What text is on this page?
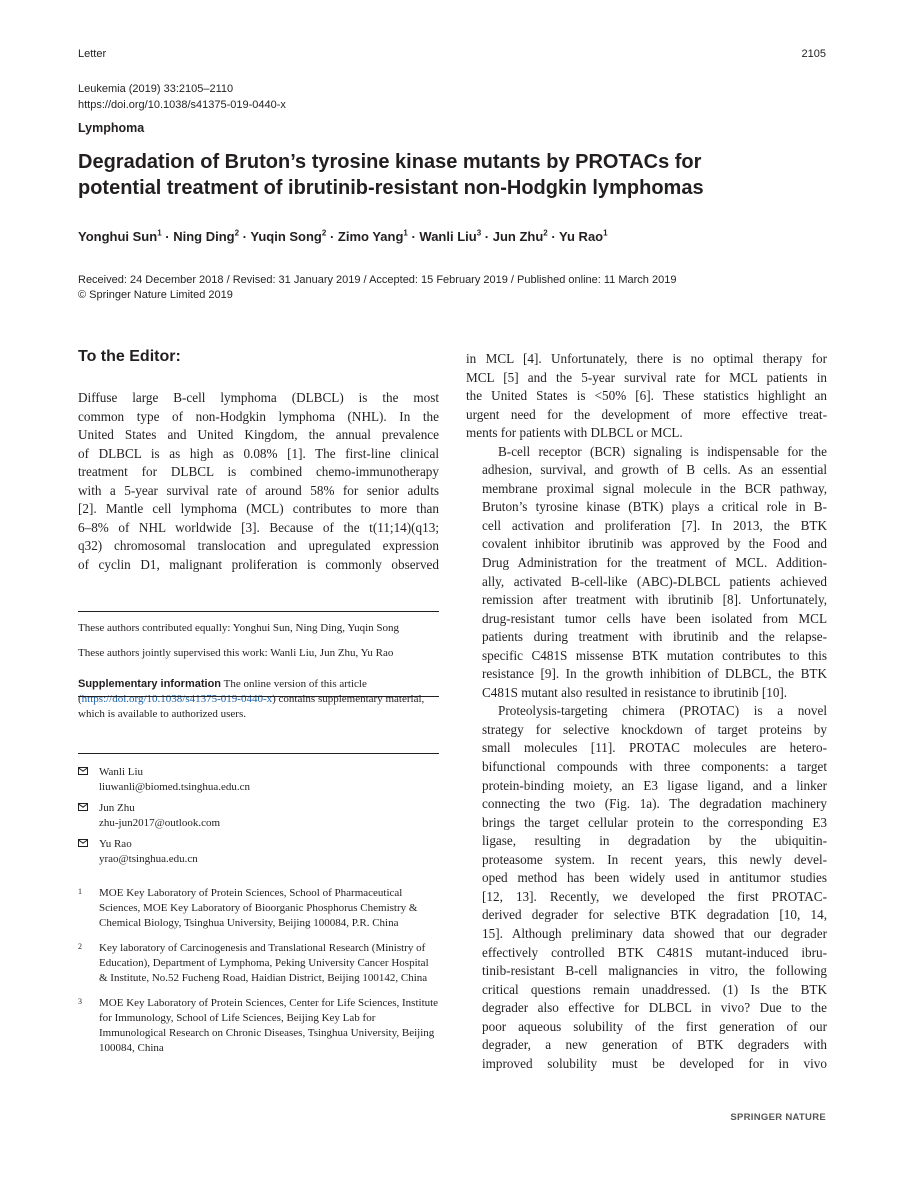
Letter	2105
Leukemia (2019) 33:2105–2110
https://doi.org/10.1038/s41375-019-0440-x
Lymphoma
Degradation of Bruton’s tyrosine kinase mutants by PROTACs for
potential treatment of ibrutinib-resistant non-Hodgkin lymphomas
Yonghui Sun$^1$ · Ning Ding$^2$ · Yuqin Song$^2$ · Zimo Yang$^1$ · Wanli Liu$^3$ · Jun Zhu$^2$ · Yu Rao$^1$
Received: 24 December 2018 / Revised: 31 January 2019 / Accepted: 15 February 2019 / Published online: 11 March 2019
© Springer Nature Limited 2019
To the Editor:

Diffuse large B-cell lymphoma (DLBCL) is the most
common type of non-Hodgkin lymphoma (NHL). In the
United States and United Kingdom, the annual prevalence
of DLBCL is as high as 0.08% [1]. The first-line clinical
treatment for DLBCL is combined chemo-immunotherapy
with a 5-year survival rate of around 58% for senior adults
[2]. Mantle cell lymphoma (MCL) contributes to more than
6–8% of NHL worldwide [3]. Because of the t(11;14)(q13;
q32) chromosomal translocation and upregulated expression
of cyclin D1, malignant proliferation is commonly observed

These authors contributed equally: Yonghui Sun, Ning Ding, Yuqin Song
These authors jointly supervised this work: Wanli Liu, Jun Zhu, Yu Rao
Supplementary information The online version of this article (https://doi.org/10.1038/s41375-019-0440-x) contains supplementary material, which is available to authorized users.
Wanli Liu
liuwanli@biomed.tsinghua.edu.cn
Jun Zhu
zhu-jun2017@outlook.com
Yu Rao
yrao@tsinghua.edu.cn
1 MOE Key Laboratory of Protein Sciences, School of Pharmaceutical Sciences, MOE Key Laboratory of Bioorganic Phosphorus Chemistry & Chemical Biology, Tsinghua University, Beijing 100084, P.R. China
2 Key laboratory of Carcinogenesis and Translational Research (Ministry of Education), Department of Lymphoma, Peking University Cancer Hospital & Institute, No.52 Fucheng Road, Haidian District, Beijing 100142, China
3 MOE Key Laboratory of Protein Sciences, Center for Life Sciences, Institute for Immunology, School of Life Sciences, Beijing Key Lab for Immunological Research on Chronic Diseases, Tsinghua University, Beijing 100084, China

in MCL [4]. Unfortunately, there is no optimal therapy for
MCL [5] and the 5-year survival rate for MCL patients in
the United States is <50% [6]. These statistics highlight an
urgent need for the development of more effective treat-
ments for patients with DLBCL or MCL.

B-cell receptor (BCR) signaling is indispensable for the
adhesion, survival, and growth of B cells. As an essential
membrane proximal signal molecule in the BCR pathway,
Bruton’s tyrosine kinase (BTK) plays a critical role in B-
cell activation and proliferation [7]. In 2013, the BTK
covalent inhibitor ibrutinib was approved by the Food and
Drug Administration for the treatment of MCL. Addition-
ally, activated B-cell-like (ABC)-DLBCL patients achieved
remission after treatment with ibrutinib [8]. Unfortunately,
drug-resistant tumor cells have been isolated from MCL
patients during treatment with ibrutinib and the relapse-
specific C481S missense BTK mutation contributes to this
resistance [9]. In the growth inhibition of DLBCL, the BTK
C481S mutant also resulted in resistance to ibrutinib [10].

Proteolysis-targeting chimera (PROTAC) is a novel
strategy for selective knockdown of target proteins by
small molecules [11]. PROTAC molecules are hetero-
bifunctional compounds with three components: a target
protein-binding moiety, an E3 ligase ligand, and a linker
connecting the two (Fig. 1a). The degradation machinery
brings the target cellular protein to the corresponding E3
ligase, resulting in degradation by the ubiquitin-
proteasome system. In recent years, this newly devel-
oped method has been widely used in antitumor studies
[12, 13]. Recently, we developed the first PROTAC-
derived degrader for selective BTK degradation [10, 14,
15]. Although preliminary data showed that our degrader
effectively controlled BTK C481S mutant-induced ibru-
tinib-resistant B-cell malignancies in vitro, the following
critical questions remain unaddressed. (1) Is the BTK
degrader also effective for DLBCL in vivo? Due to the
poor aqueous solubility of the first generation of our
degrader, a new generation of BTK degraders with
improved solubility must be developed for in vivo

SPRINGER NATURE
